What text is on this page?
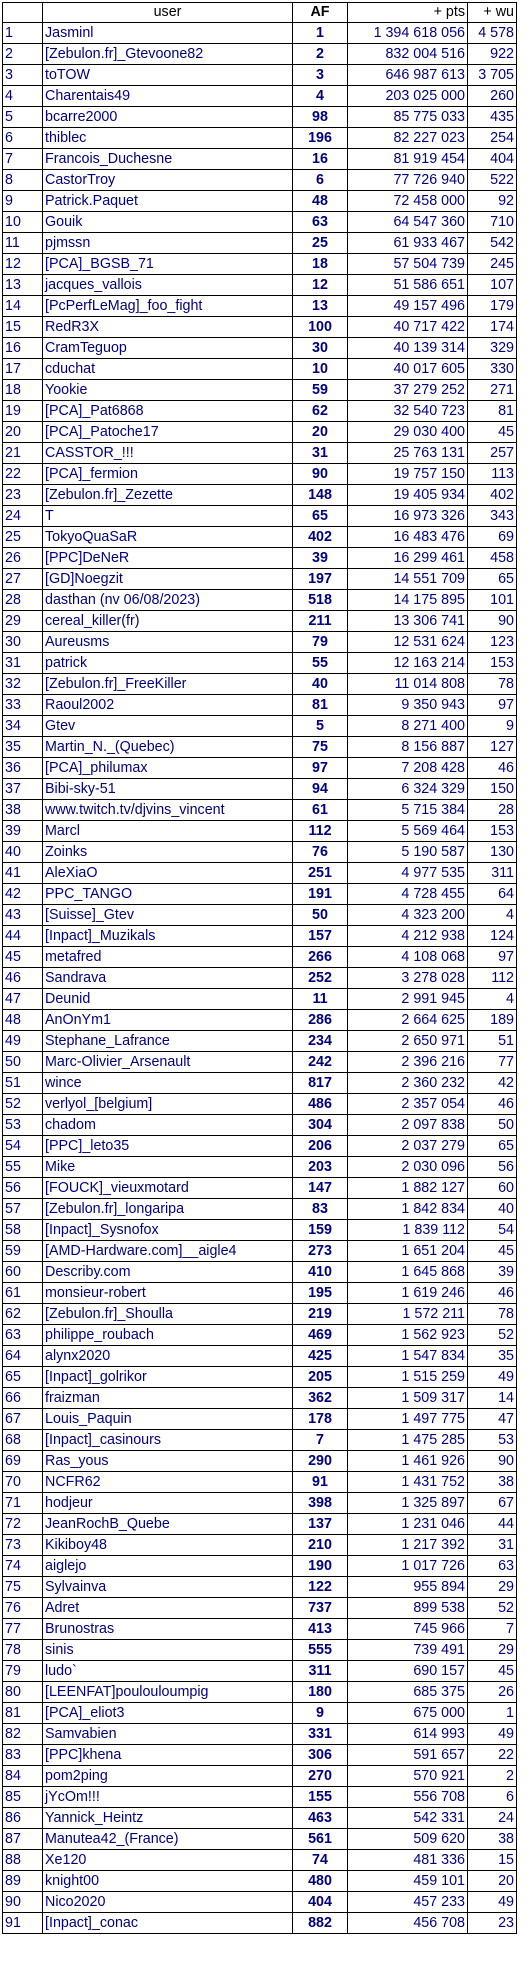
	user	AF	+ pts	+ wu
1	Jasminl	1	1 394 618 056	4 578
2	[Zebulon.fr]_Gtevoone82	2	832 004 516	922
3	toTOW	3	646 987 613	3 705
4	Charentais49	4	203 025 000	260
5	bcarre2000	98	85 775 033	435
6	thiblec	196	82 227 023	254
7	Francois_Duchesne	16	81 919 454	404
8	CastorTroy	6	77 726 940	522
9	Patrick.Paquet	48	72 458 000	92
10	Gouik	63	64 547 360	710
11	pjmssn	25	61 933 467	542
12	[PCA]_BGSB_71	18	57 504 739	245
13	jacques_vallois	12	51 586 651	107
14	[PcPerfLeMag]_foo_fight	13	49 157 496	179
15	RedR3X	100	40 717 422	174
16	CramTeguop	30	40 139 314	329
17	cduchat	10	40 017 605	330
18	Yookie	59	37 279 252	271
19	[PCA]_Pat6868	62	32 540 723	81
20	[PCA]_Patoche17	20	29 030 400	45
21	CASSTOR_!!!	31	25 763 131	257
22	[PCA]_fermion	90	19 757 150	113
23	[Zebulon.fr]_Zezette	148	19 405 934	402
24	T	65	16 973 326	343
25	TokyoQuaSaR	402	16 483 476	69
26	[PPC]DeNeR	39	16 299 461	458
27	[GD]Noegzit	197	14 551 709	65
28	dasthan (nv 06/08/2023)	518	14 175 895	101
29	cereal_killer(fr)	211	13 306 741	90
30	Aureusms	79	12 531 624	123
31	patrick	55	12 163 214	153
32	[Zebulon.fr]_FreeKiller	40	11 014 808	78
33	Raoul2002	81	9 350 943	97
34	Gtev	5	8 271 400	9
35	Martin_N._(Quebec)	75	8 156 887	127
36	[PCA]_philumax	97	7 208 428	46
37	Bibi-sky-51	94	6 324 329	150
38	www.twitch.tv/djvins_vincent	61	5 715 384	28
39	Marcl	112	5 569 464	153
40	Zoinks	76	5 190 587	130
41	AleXiaO	251	4 977 535	311
42	PPC_TANGO	191	4 728 455	64
43	[Suisse]_Gtev	50	4 323 200	4
44	[Inpact]_Muzikals	157	4 212 938	124
45	metafred	266	4 108 068	97
46	Sandrava	252	3 278 028	112
47	Deunid	11	2 991 945	4
48	AnOnYm1	286	2 664 625	189
49	Stephane_Lafrance	234	2 650 971	51
50	Marc-Olivier_Arsenault	242	2 396 216	77
51	wince	817	2 360 232	42
52	verlyol_[belgium]	486	2 357 054	46
53	chadom	304	2 097 838	50
54	[PPC]_leto35	206	2 037 279	65
55	Mike	203	2 030 096	56
56	[FOUCK]_vieuxmotard	147	1 882 127	60
57	[Zebulon.fr]_longaripa	83	1 842 834	40
58	[Inpact]_Sysnofox	159	1 839 112	54
59	[AMD-Hardware.com]__aigle4	273	1 651 204	45
60	Describy.com	410	1 645 868	39
61	monsieur-robert	195	1 619 246	46
62	[Zebulon.fr]_Shoulla	219	1 572 211	78
63	philippe_roubach	469	1 562 923	52
64	alynx2020	425	1 547 834	35
65	[Inpact]_golrikor	205	1 515 259	49
66	fraizman	362	1 509 317	14
67	Louis_Paquin	178	1 497 775	47
68	[Inpact]_casinours	7	1 475 285	53
69	Ras_yous	290	1 461 926	90
70	NCFR62	91	1 431 752	38
71	hodjeur	398	1 325 897	67
72	JeanRochB_Quebe	137	1 231 046	44
73	Kikiboy48	210	1 217 392	31
74	aiglejo	190	1 017 726	63
75	Sylvainva	122	955 894	29
76	Adret	737	899 538	52
77	Brunostras	413	745 966	7
78	sinis	555	739 491	29
79	ludo`	311	690 157	45
80	[LEENFAT]poulouloumpig	180	685 375	26
81	[PCA]_eliot3	9	675 000	1
82	Samvabien	331	614 993	49
83	[PPC]khena	306	591 657	22
84	pom2ping	270	570 921	2
85	jYcOm!!!	155	556 708	6
86	Yannick_Heintz	463	542 331	24
87	Manutea42_(France)	561	509 620	38
88	Xe120	74	481 336	15
89	knight00	480	459 101	20
90	Nico2020	404	457 233	49
91	[Inpact]_conac	882	456 708	23
